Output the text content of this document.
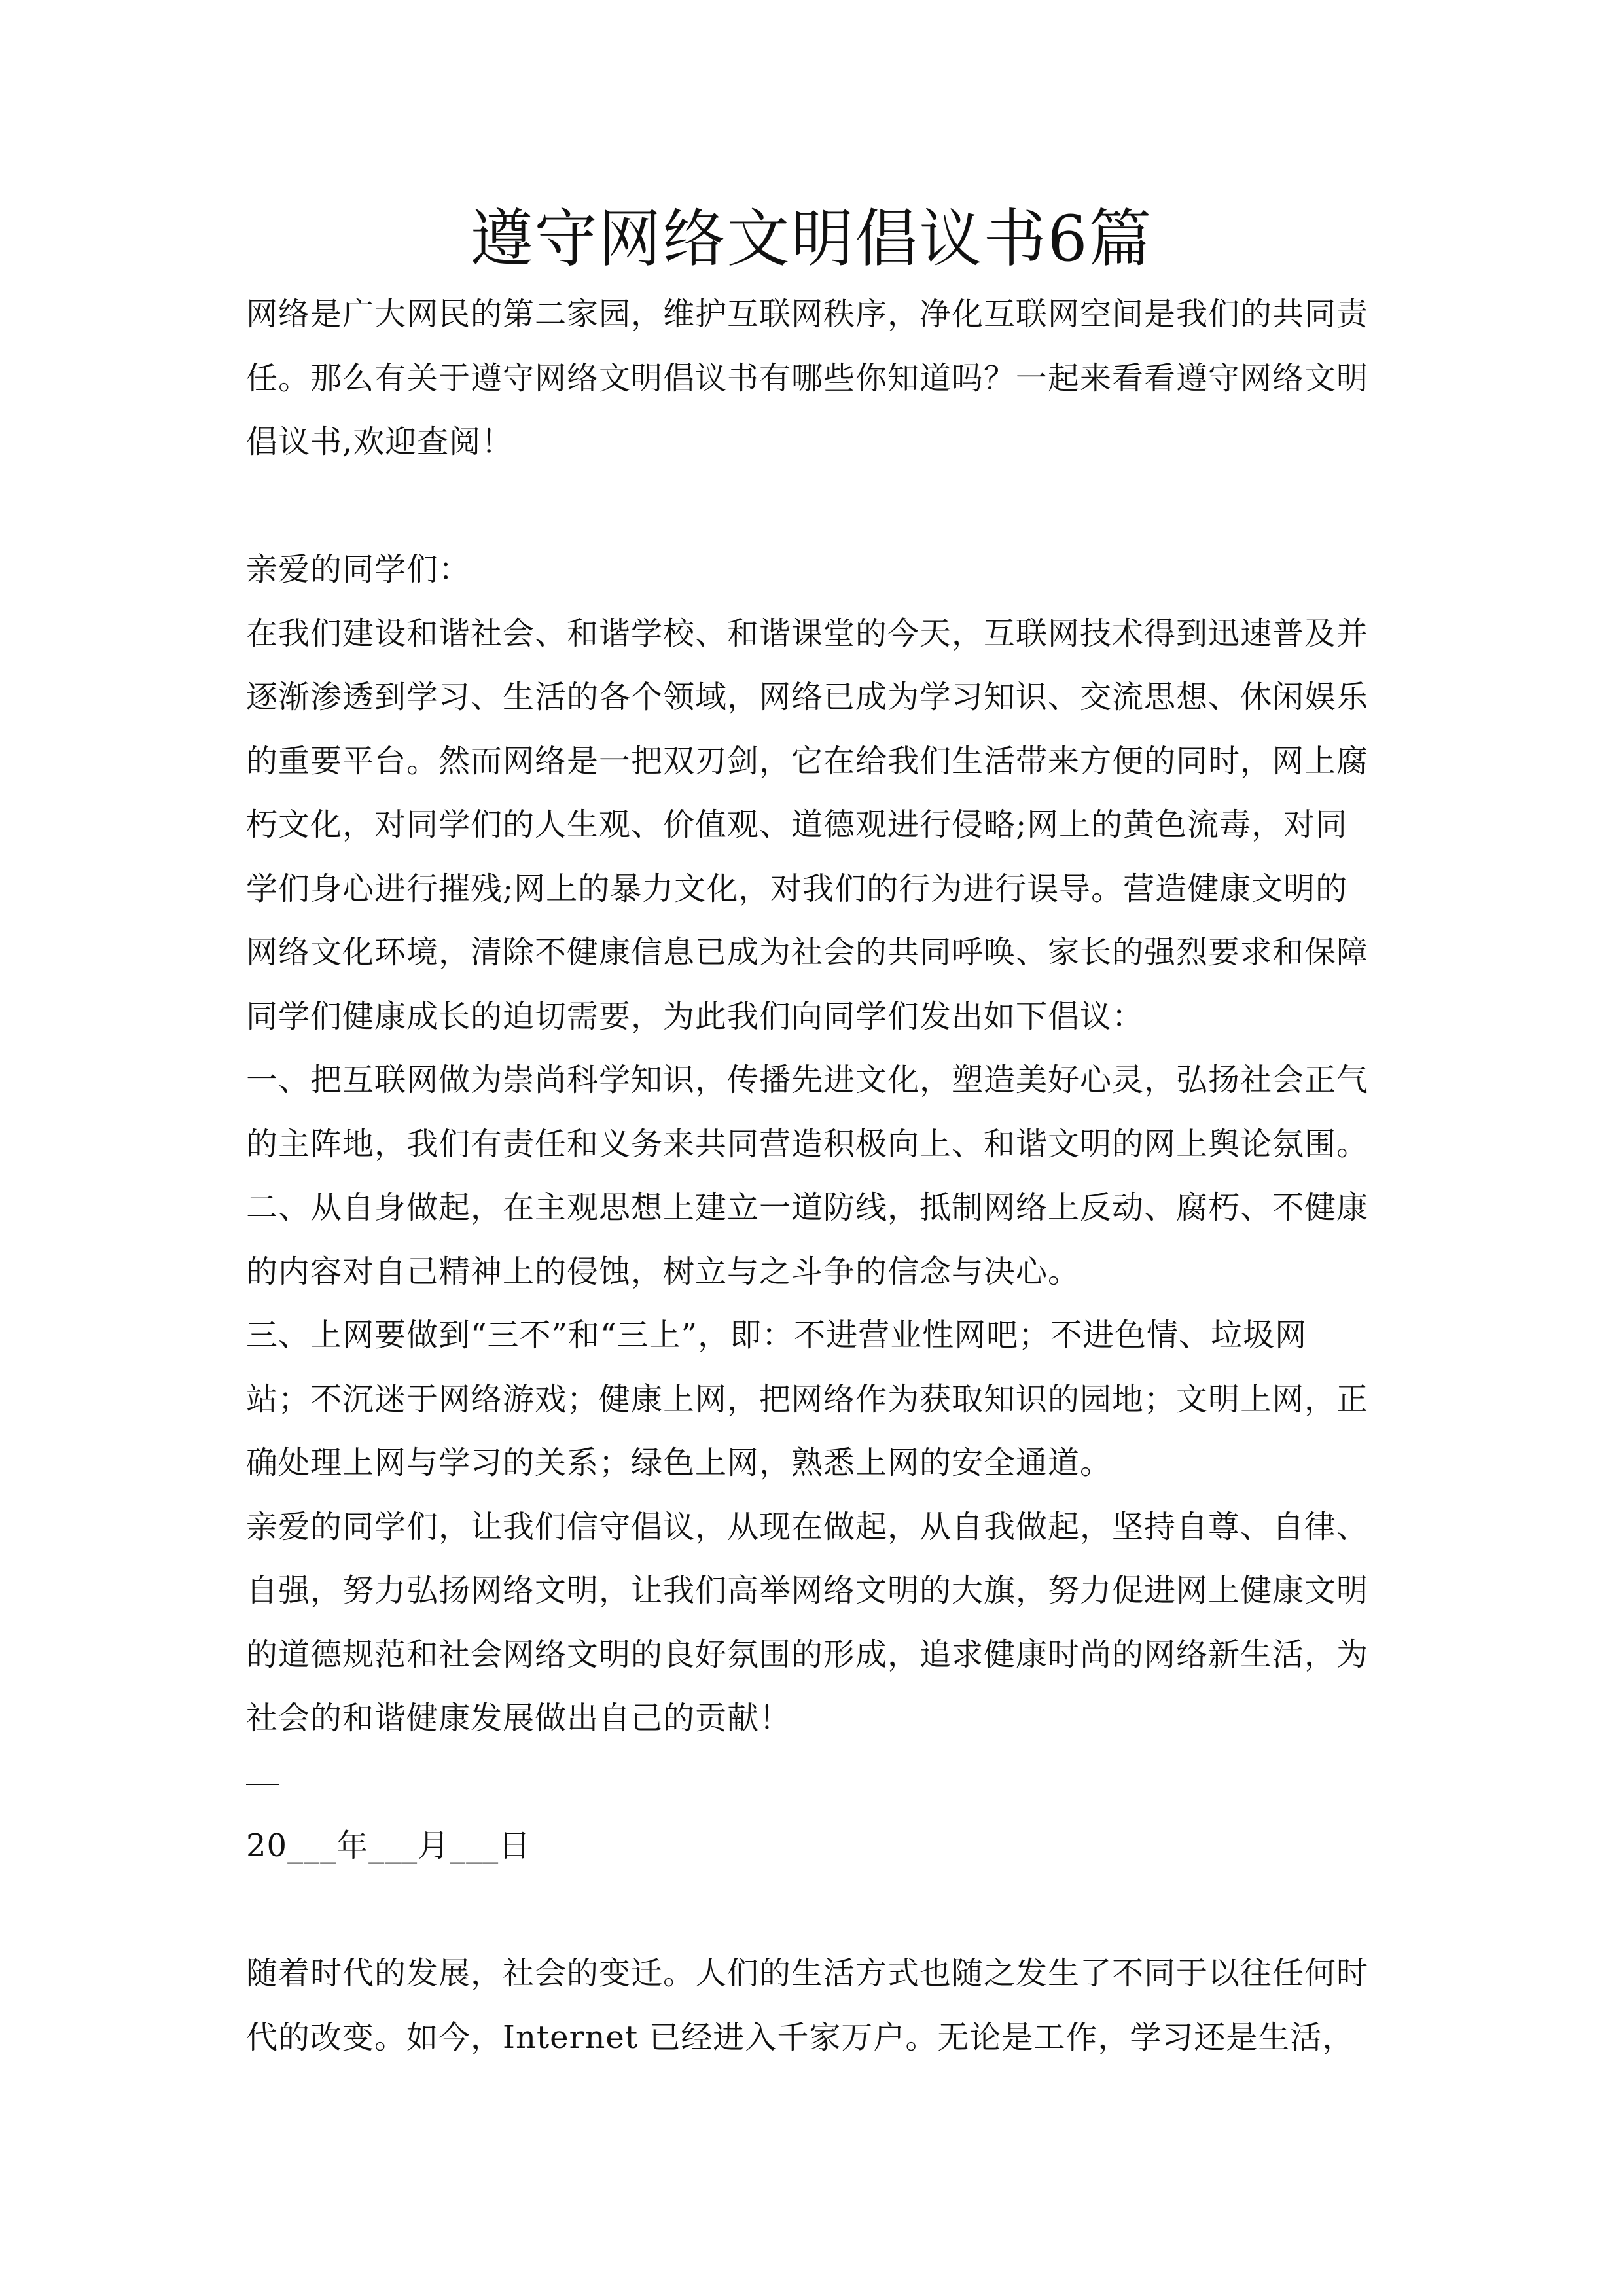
遵守网络文明倡议书6篇
网络是广大网民的第二家园，维护互联网秩序，净化互联网空间是我们的共同责
任。那么有关于遵守网络文明倡议书有哪些你知道吗？一起来看看遵守网络文明
倡议书,欢迎查阅！
亲爱的同学们：
在我们建设和谐社会、和谐学校、和谐课堂的今天，互联网技术得到迅速普及并
逐渐渗透到学习、生活的各个领域，网络已成为学习知识、交流思想、休闲娱乐
的重要平台。然而网络是一把双刃剑，它在给我们生活带来方便的同时，网上腐
朽文化，对同学们的人生观、价值观、道德观进行侵略;网上的黄色流毒，对同
学们身心进行摧残;网上的暴力文化，对我们的行为进行误导。营造健康文明的
网络文化环境，清除不健康信息已成为社会的共同呼唤、家长的强烈要求和保障
同学们健康成长的迫切需要，为此我们向同学们发出如下倡议：
一、把互联网做为崇尚科学知识，传播先进文化，塑造美好心灵，弘扬社会正气
的主阵地，我们有责任和义务来共同营造积极向上、和谐文明的网上舆论氛围。
二、从自身做起，在主观思想上建立一道防线，抵制网络上反动、腐朽、不健康
的内容对自己精神上的侵蚀，树立与之斗争的信念与决心。
三、上网要做到“三不”和“三上”，即：不进营业性网吧；不进色情、垃圾网
站；不沉迷于网络游戏；健康上网，把网络作为获取知识的园地；文明上网，正
确处理上网与学习的关系；绿色上网，熟悉上网的安全通道。
亲爱的同学们，让我们信守倡议，从现在做起，从自我做起，坚持自尊、自律、
自强，努力弘扬网络文明，让我们高举网络文明的大旗，努力促进网上健康文明
的道德规范和社会网络文明的良好氛围的形成，追求健康时尚的网络新生活，为
社会的和谐健康发展做出自己的贡献！
20___年___月___日
随着时代的发展，社会的变迁。人们的生活方式也随之发生了不同于以往任何时
代的改变。如今，Internet 已经进入千家万户。无论是工作，学习还是生活，
